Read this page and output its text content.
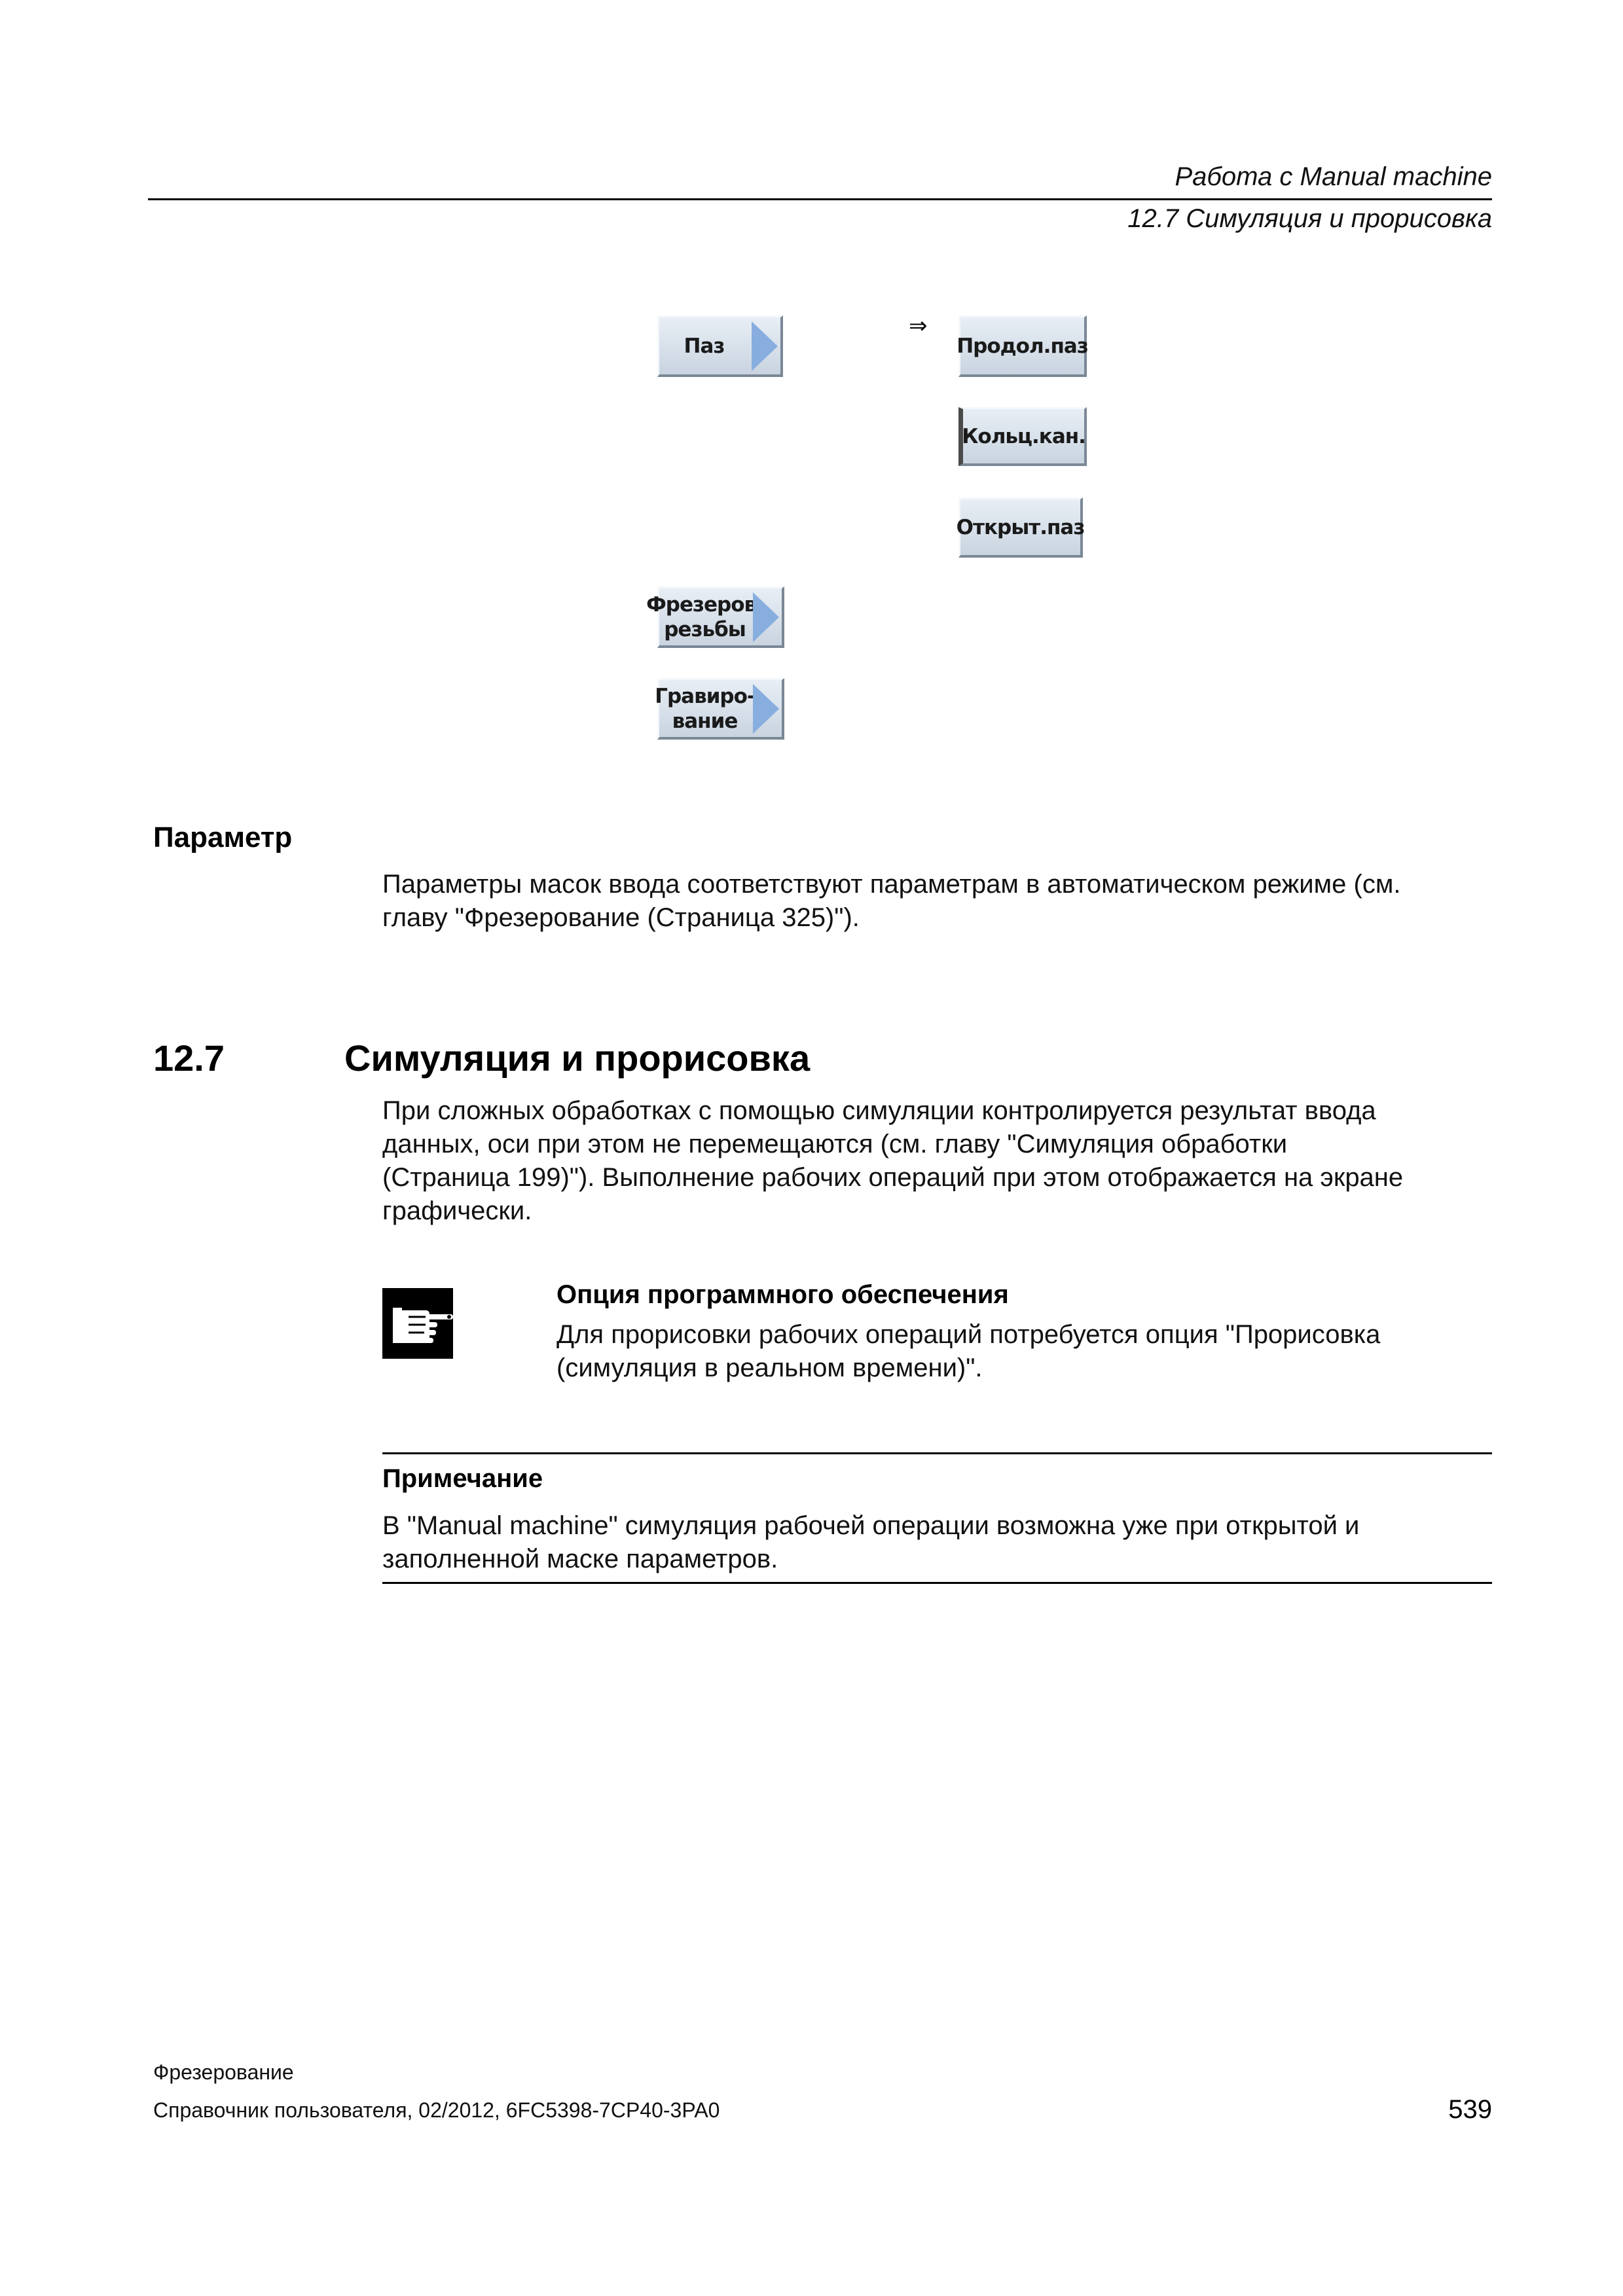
Работа с Manual machine
12.7 Симуляция и прорисовка
Паз
⇒
Продол.паз
Кольц.кан.
Открыт.паз
Фрезеров.
резьбы
Гравиро-
вание
Параметр
Параметры масок ввода соответствуют параметрам в автоматическом режиме (см.
главу "Фрезерование (Страница 325)").
12.7	Симуляция и прорисовка
При сложных обработках с помощью симуляции контролируется результат ввода
данных, оси при этом не перемещаются (см. главу "Симуляция обработки
(Страница 199)"). Выполнение рабочих операций при этом отображается на экране
графически.
Опция программного обеспечения
Для прорисовки рабочих операций потребуется опция "Прорисовка
(симуляция в реальном времени)".
Примечание
В "Manual machine" симуляция рабочей операции возможна уже при открытой и
заполненной маске параметров.
Фрезерование
Справочник пользователя, 02/2012, 6FC5398-7CP40-3PA0	539
